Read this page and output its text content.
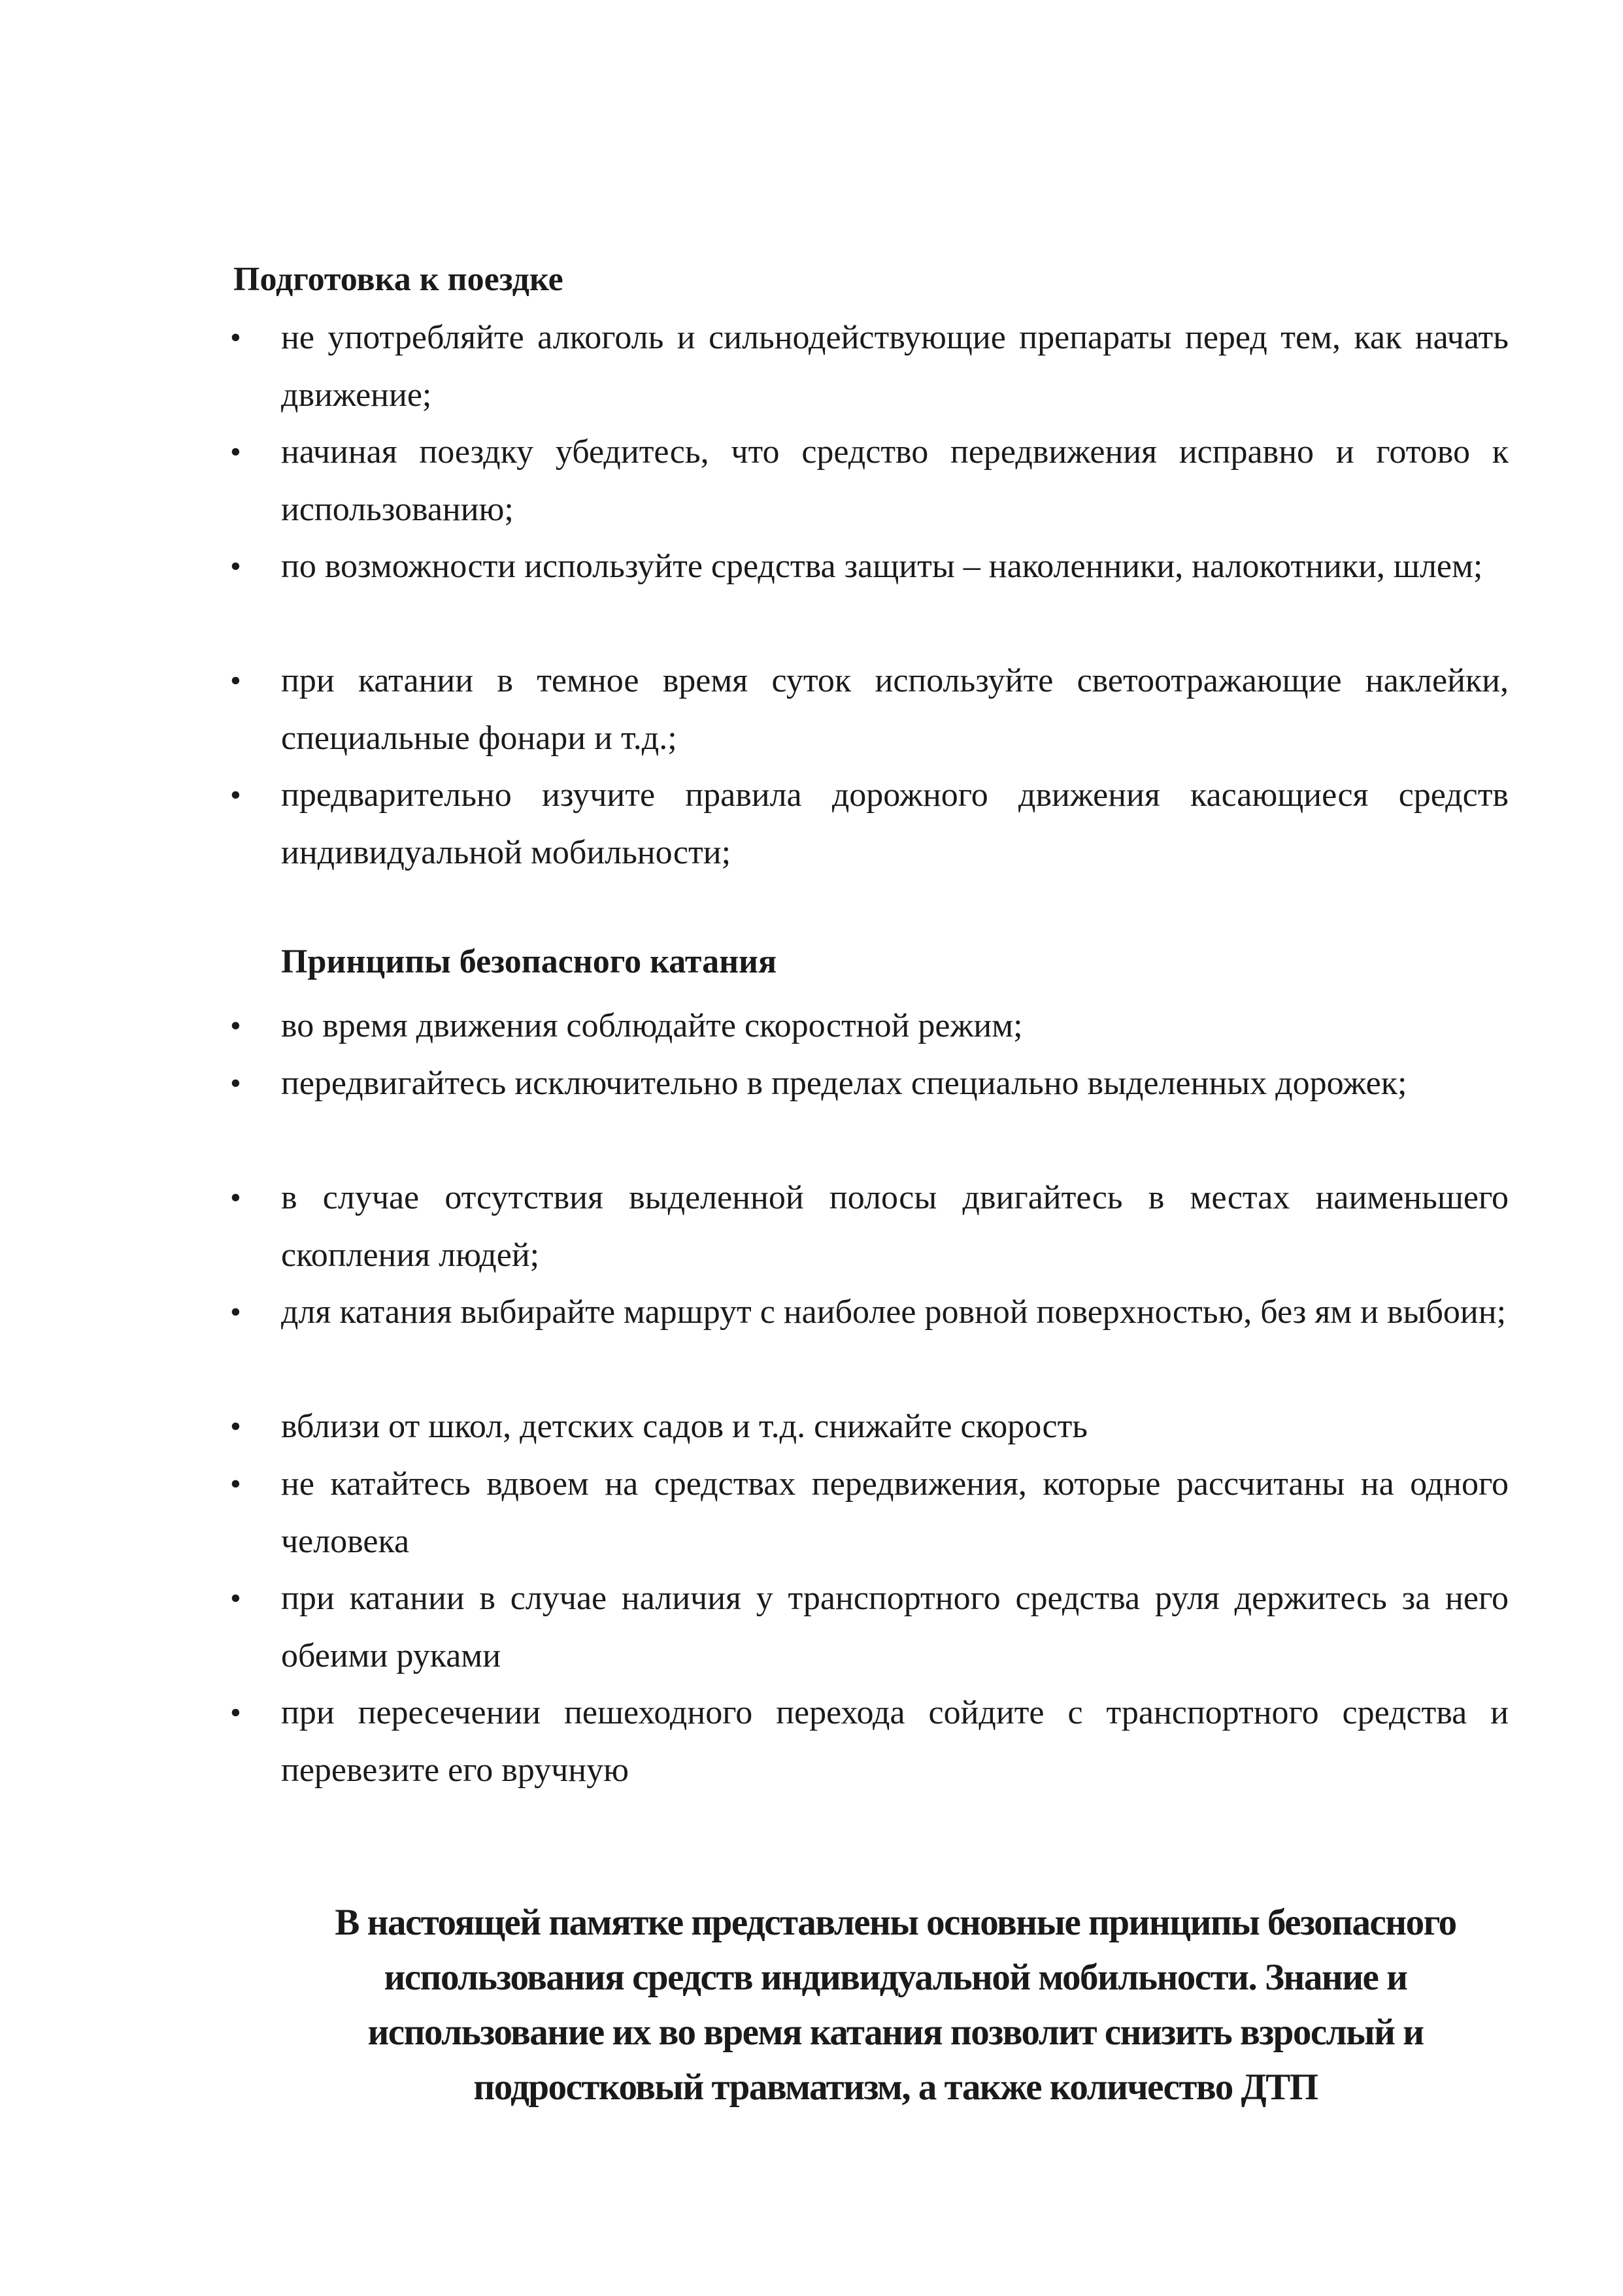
Подготовка к поездке
• не употребляйте алкоголь и сильнодействующие препараты перед тем, как начать движение;

• начиная поездку убедитесь, что средство передвижения исправно и готово к использованию;

• по возможности используйте средства защиты – наколенники, налокотники, шлем;

• при катании в темное время суток используйте светоотражающие наклейки, специальные фонари и т.д.;

• предварительно изучите правила дорожного движения касающиеся средств индивидуальной мобильности;

Принципы безопасного катания
• во время движения соблюдайте скоростной режим;

• передвигайтесь исключительно в пределах специально выделенных дорожек;

• в случае отсутствия выделенной полосы двигайтесь в местах наименьшего скопления людей;

• для катания выбирайте маршрут с наиболее ровной поверхностью, без ям и выбоин;

• вблизи от школ, детских садов и т.д. снижайте скорость

• не катайтесь вдвоем на средствах передвижения, которые рассчитаны на одного человека

• при катании в случае наличия у транспортного средства руля держитесь за него обеими руками

• при пересечении пешеходного перехода сойдите с транспортного средства и перевезите его вручную

В настоящей памятке представлены основные принципы безопасного использования средств индивидуальной мобильности. Знание и использование их во время катания позволит снизить взрослый и подростковый травматизм, а также количество ДТП
